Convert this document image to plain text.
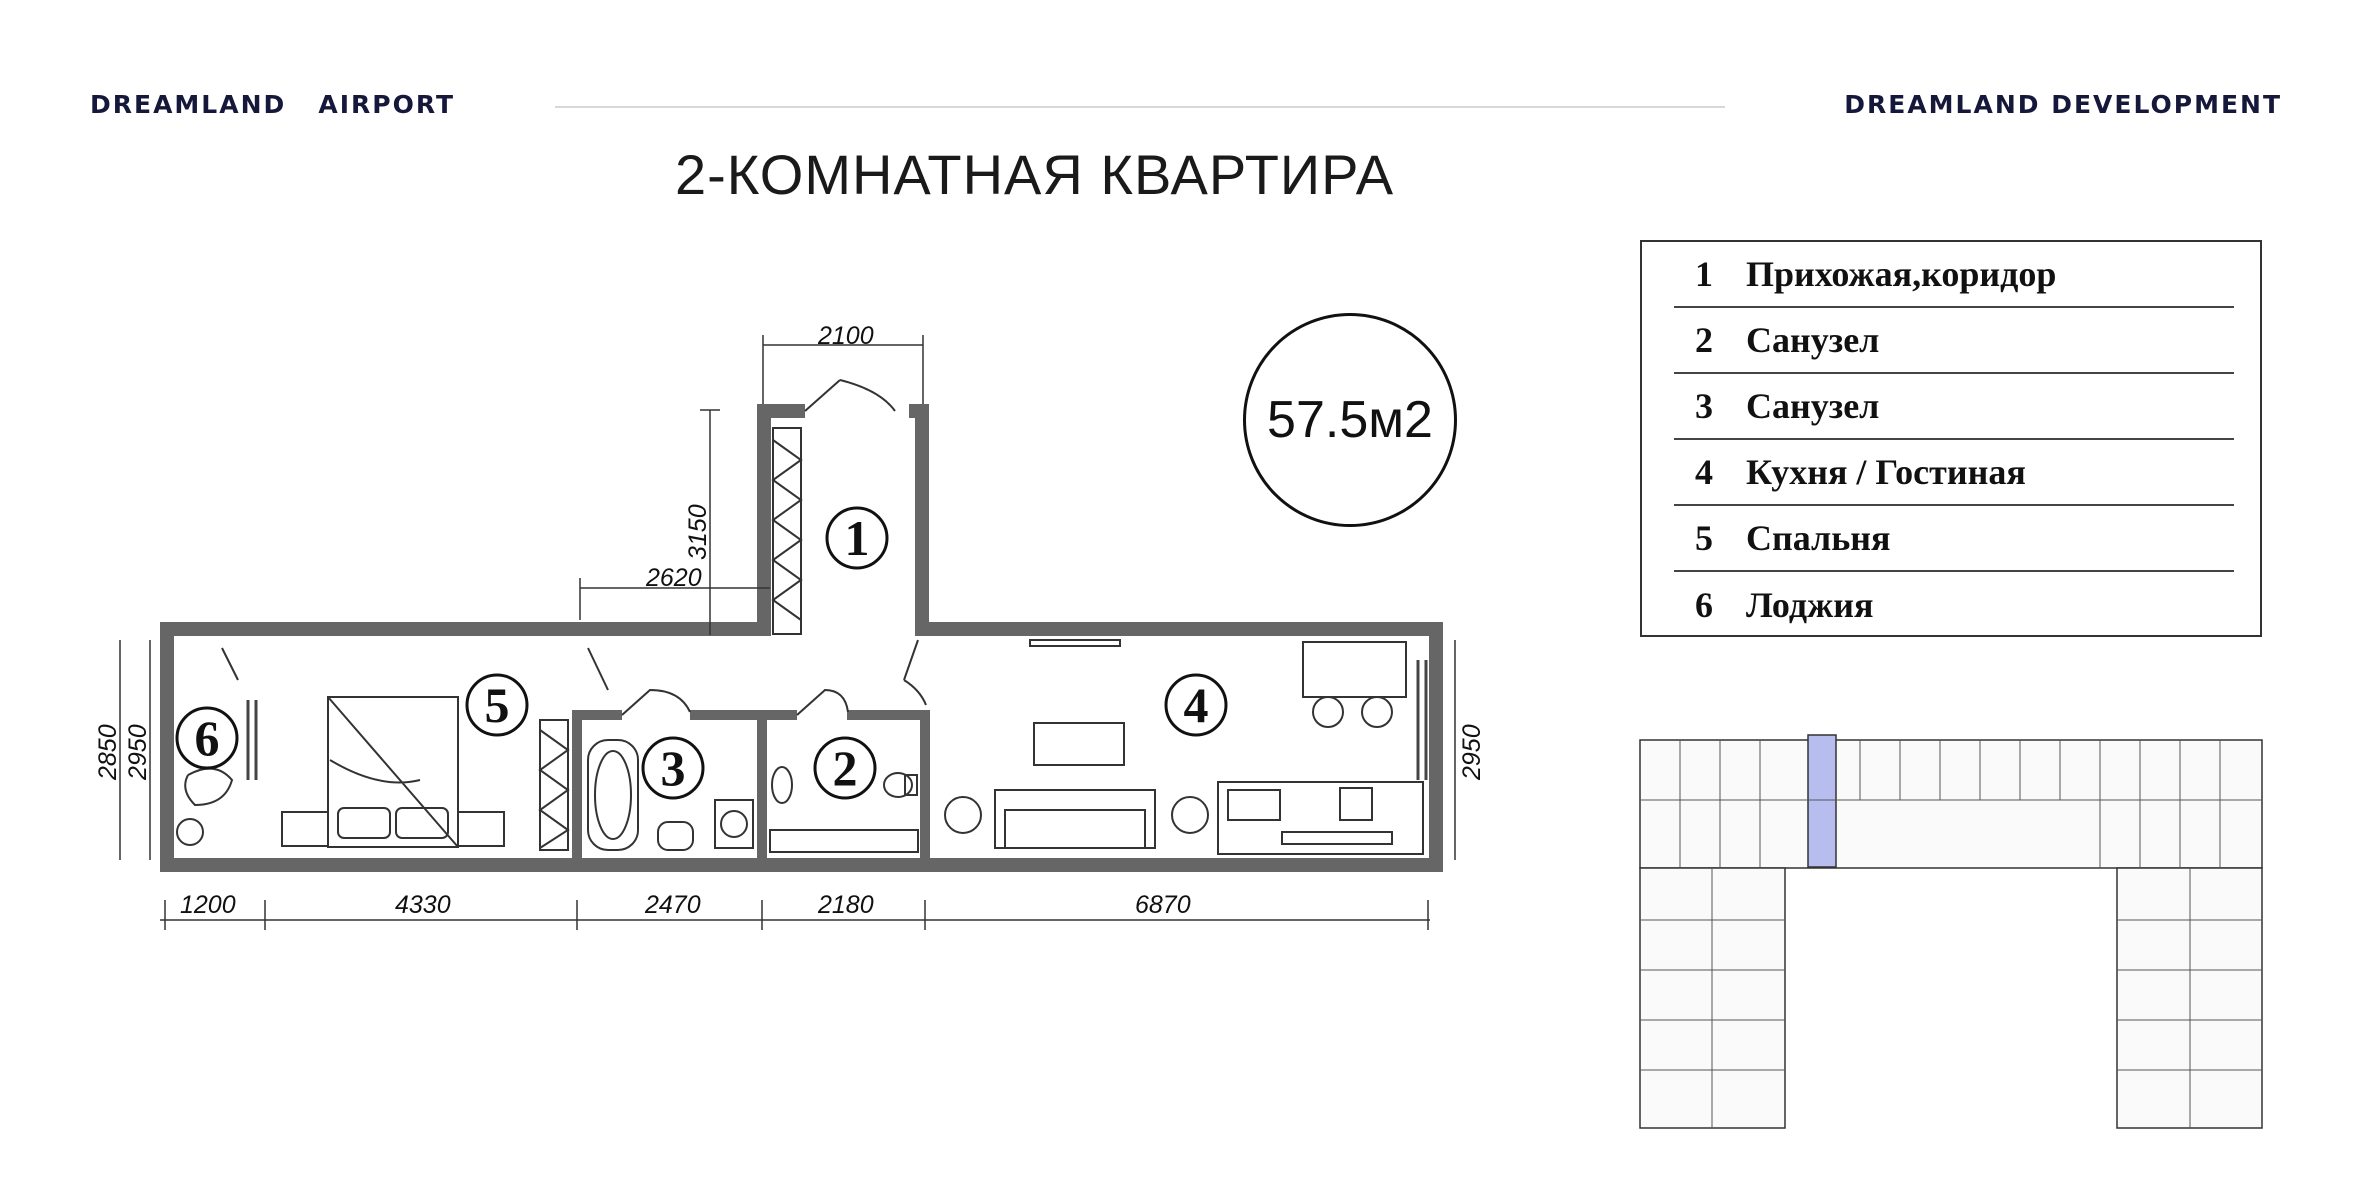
DREAMLAND   AIRPORT	DREAMLAND DEVELOPMENT
2-КОМНАТНАЯ КВАРТИРА
57.5м2
1 Прихожая,коридор
2 Санузел
3 Санузел
4 Кухня / Гостиная
5 Спальня
6 Лоджия
2100
3150
2620
2850 2950	2950
1200	4330	2470	2180	6870
1
2
3
4
5
6
